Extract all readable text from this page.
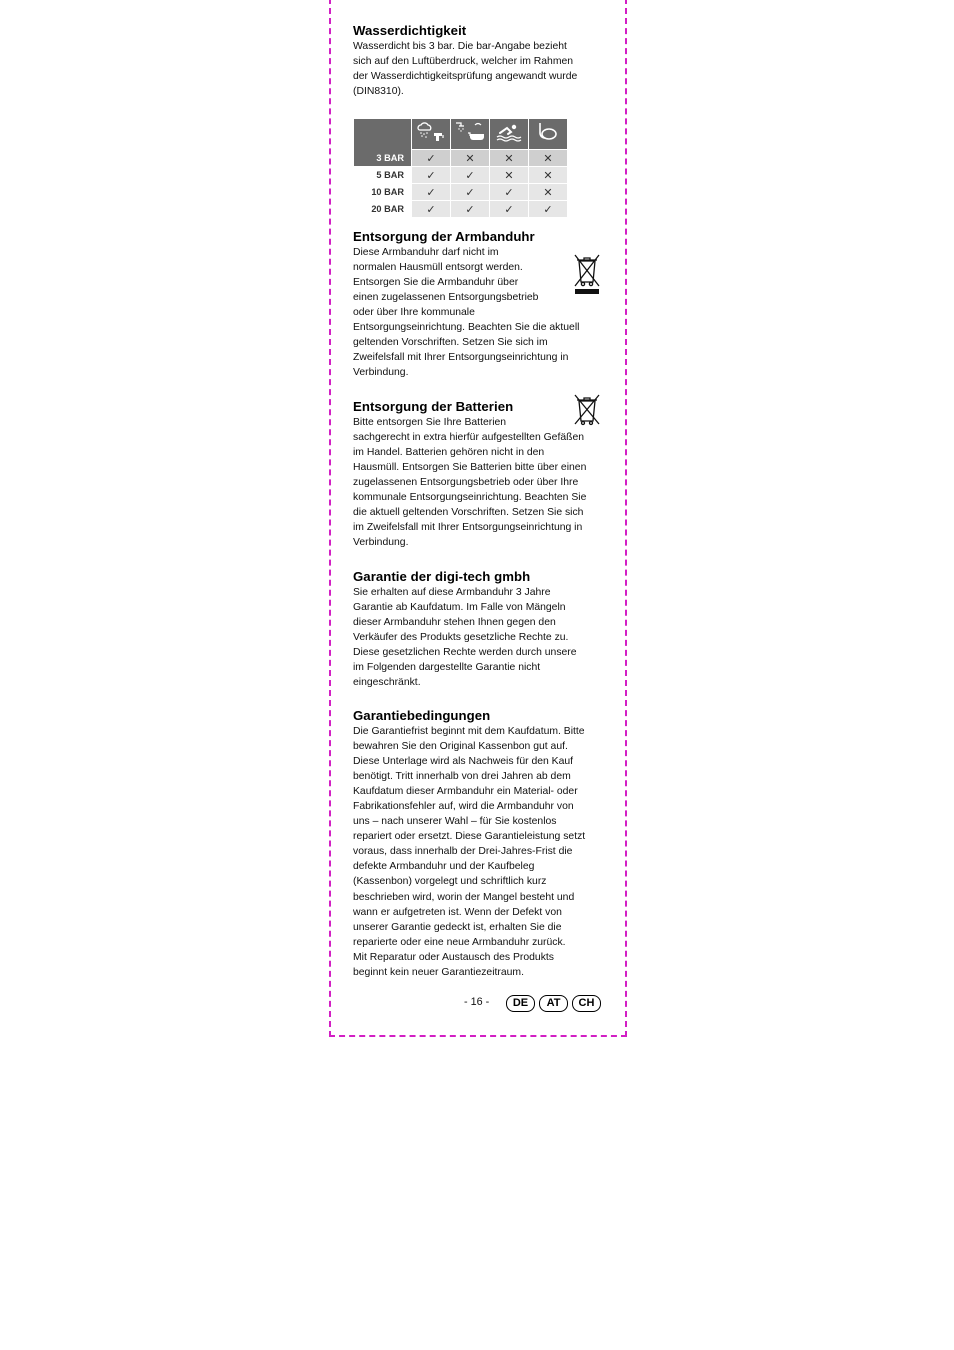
Wasserdichtigkeit

Wasserdicht bis 3 bar. Die bar-Angabe bezieht
sich auf den Luftüberdruck, welcher im Rahmen
der Wasserdichtigkeitsprüfung angewandt wurde
(DIN8310).

Entsorgung der Armbanduhr

Diese Armbanduhr darf nicht im
normalen Hausmüll entsorgt werden.
Entsorgen Sie die Armbanduhr über
einen zugelassenen Entsorgungsbetrieb
oder über Ihre kommunale
Entsorgungseinrichtung. Beachten Sie die aktuell
geltenden Vorschriften. Setzen Sie sich im
Zweifelsfall mit Ihrer Entsorgungseinrichtung in
Verbindung.

Entsorgung der Batterien

Bitte entsorgen Sie Ihre Batterien
sachgerecht in extra hierfür aufgestellten Gefäßen
im Handel. Batterien gehören nicht in den
Hausmüll. Entsorgen Sie Batterien bitte über einen
zugelassenen Entsorgungsbetrieb oder über Ihre
kommunale Entsorgungseinrichtung. Beachten Sie
die aktuell geltenden Vorschriften. Setzen Sie sich
im Zweifelsfall mit Ihrer Entsorgungseinrichtung in
Verbindung.

Garantie der digi-tech gmbh

Sie erhalten auf diese Armbanduhr 3 Jahre
Garantie ab Kaufdatum. Im Falle von Mängeln
dieser Armbanduhr stehen Ihnen gegen den
Verkäufer des Produkts gesetzliche Rechte zu.
Diese gesetzlichen Rechte werden durch unsere
im Folgenden dargestellte Garantie nicht
eingeschränkt.

Garantiebedingungen

Die Garantiefrist beginnt mit dem Kaufdatum. Bitte
bewahren Sie den Original Kassenbon gut auf.
Diese Unterlage wird als Nachweis für den Kauf
benötigt. Tritt innerhalb von drei Jahren ab dem
Kaufdatum dieser Armbanduhr ein Material- oder
Fabrikationsfehler auf, wird die Armbanduhr von
uns – nach unserer Wahl – für Sie kostenlos
repariert oder ersetzt. Diese Garantieleistung setzt
voraus, dass innerhalb der Drei-Jahres-Frist die
defekte Armbanduhr und der Kaufbeleg
(Kassenbon) vorgelegt und schriftlich kurz
beschrieben wird, worin der Mangel besteht und
wann er aufgetreten ist. Wenn der Defekt von
unserer Garantie gedeckt ist, erhalten Sie die
reparierte oder eine neue Armbanduhr zurück.
Mit Reparatur oder Austausch des Produkts
beginnt kein neuer Garantiezeitraum.

- 16 -	DE	AT	CH

3 BAR	✓	✕	✕	✕
5 BAR	✓	✓	✕	✕
10 BAR	✓	✓	✓	✕
20 BAR	✓	✓	✓	✓
